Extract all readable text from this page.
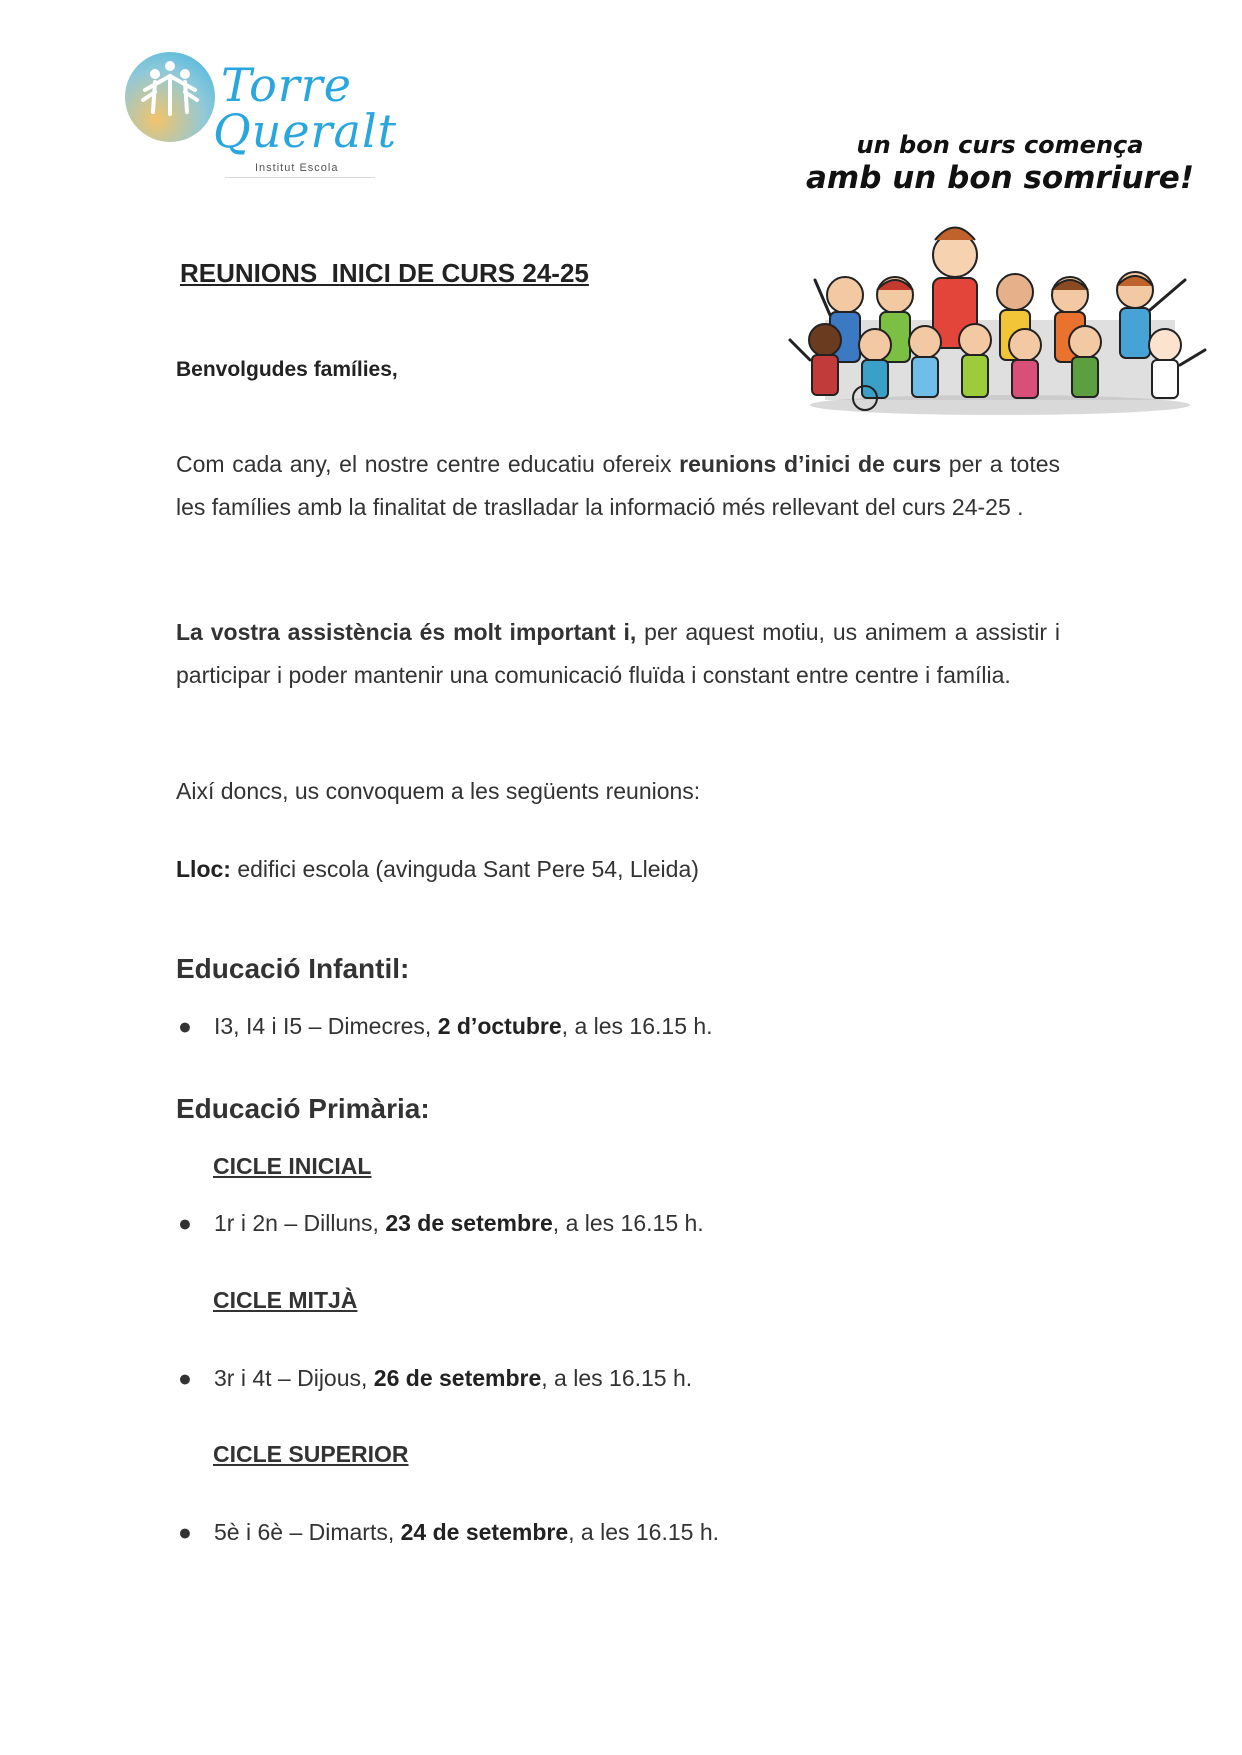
Torre
Queralt
Institut Escola
un bon curs comença
amb un bon somriure!
REUNIONS  INICI DE CURS 24-25
Benvolgudes famílies,
Com cada any, el nostre centre educatiu ofereix reunions d’inici de curs per a totes les famílies amb la finalitat de traslladar la informació més rellevant del curs 24-25 .
La vostra assistència és molt important i, per aquest motiu, us animem a assistir i participar i poder mantenir una comunicació fluïda i constant entre centre i família.
Així doncs, us convoquem a les següents reunions:
Lloc: edifici escola (avinguda Sant Pere 54, Lleida)
Educació Infantil:
● I3, I4 i I5 – Dimecres, 2 d’octubre, a les 16.15 h.
Educació Primària:
CICLE INICIAL
● 1r i 2n – Dilluns, 23 de setembre, a les 16.15 h.
CICLE MITJÀ
● 3r i 4t – Dijous, 26 de setembre, a les 16.15 h.
CICLE SUPERIOR
● 5è i 6è – Dimarts, 24 de setembre, a les 16.15 h.
